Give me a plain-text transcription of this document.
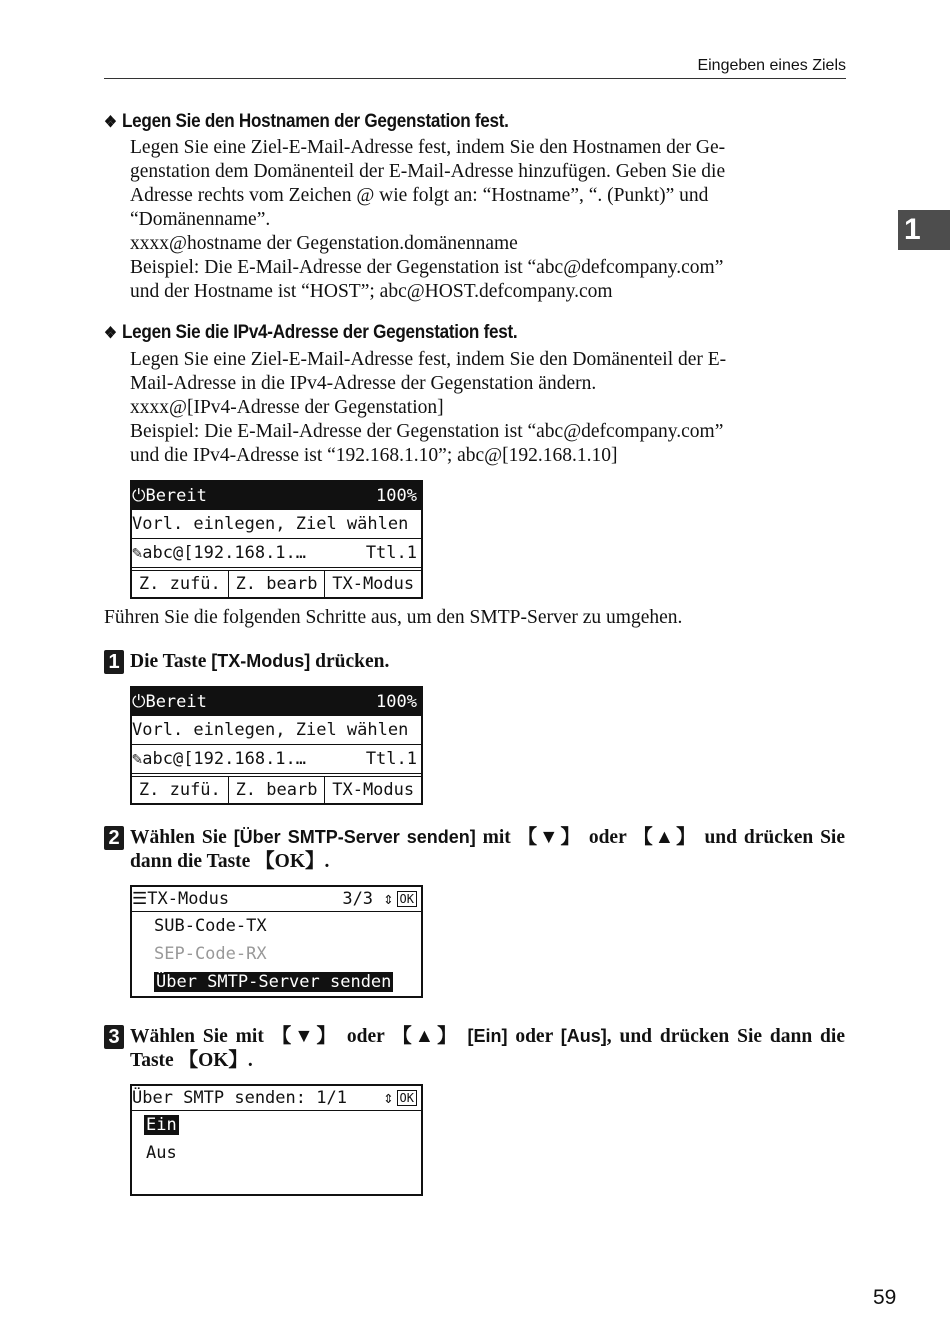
Eingeben eines Ziels
1
❖ Legen Sie den Hostnamen der Gegenstation fest.
Legen Sie eine Ziel-E-Mail-Adresse fest, indem Sie den Hostnamen der Ge-
genstation dem Domänenteil der E-Mail-Adresse hinzufügen. Geben Sie die
Adresse rechts vom Zeichen @ wie folgt an: “Hostname”, “. (Punkt)” und
“Domänenname”.
xxxx@hostname der Gegenstation.domänenname
Beispiel: Die E-Mail-Adresse der Gegenstation ist “abc@defcompany.com”
und der Hostname ist “HOST”; abc@HOST.defcompany.com
❖ Legen Sie die IPv4-Adresse der Gegenstation fest.
Legen Sie eine Ziel-E-Mail-Adresse fest, indem Sie den Domänenteil der E-
Mail-Adresse in die IPv4-Adresse der Gegenstation ändern.
xxxx@[IPv4-Adresse der Gegenstation]
Beispiel: Die E-Mail-Adresse der Gegenstation ist “abc@defcompany.com”
und die IPv4-Adresse ist “192.168.1.10”; abc@[192.168.1.10]
⏻Bereit	100%
Vorl. einlegen, Ziel wählen
✎abc@[192.168.1.…	Ttl.1
Z. zufü. Z. bearb TX-Modus
Führen Sie die folgenden Schritte aus, um den SMTP-Server zu umgehen.
1 Die Taste [TX-Modus] drücken.
⏻Bereit	100%
Vorl. einlegen, Ziel wählen
✎abc@[192.168.1.…	Ttl.1
Z. zufü. Z. bearb TX-Modus
2 Wählen Sie [Über SMTP-Server senden] mit 【▼】 oder 【▲】 und drücken Sie
dann die Taste 【OK】.
☰TX-Modus	3/3 ⇕ OK
SUB-Code-TX
SEP-Code-RX
Über SMTP-Server senden
3 Wählen Sie mit 【▼】 oder 【▲】 [Ein] oder [Aus], und drücken Sie dann die
Taste 【OK】.
Über SMTP senden: 1/1 ⇕ OK
Ein
Aus
59
